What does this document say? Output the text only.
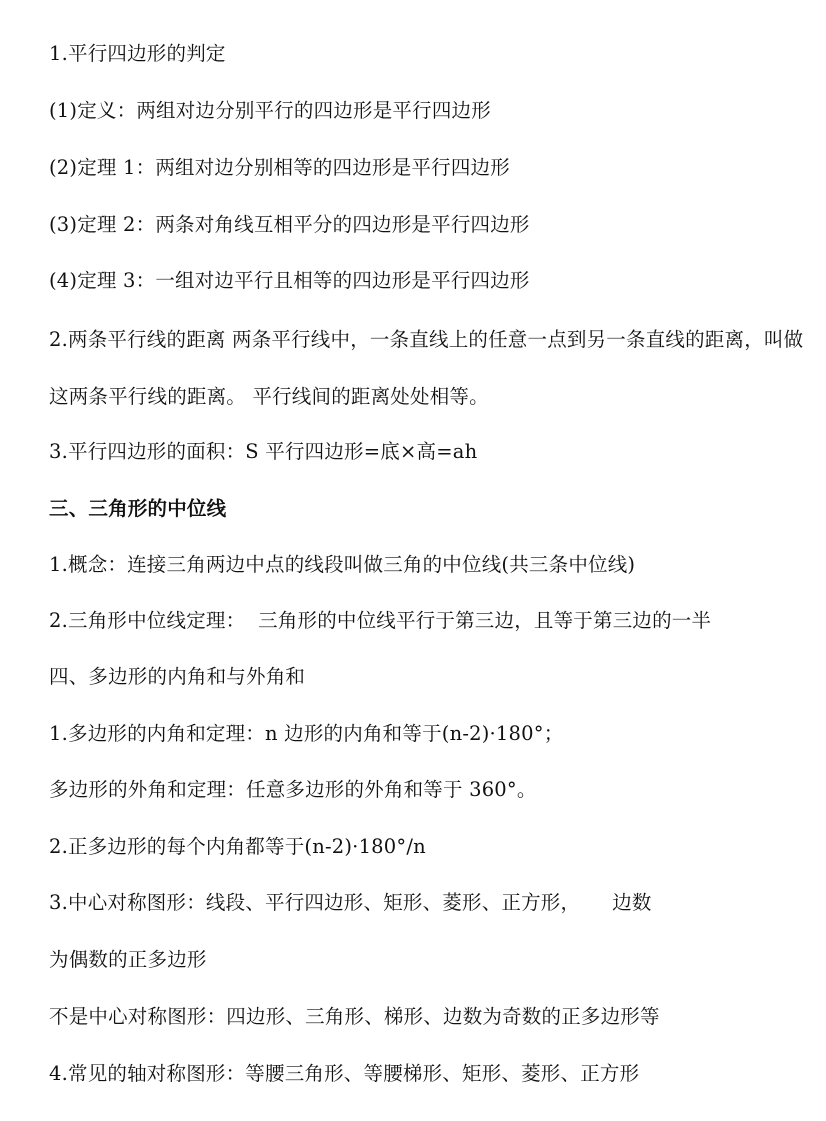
1.平行四边形的判定
(1)定义：两组对边分别平行的四边形是平行四边形
(2)定理 1：两组对边分别相等的四边形是平行四边形
(3)定理 2：两条对角线互相平分的四边形是平行四边形
(4)定理 3：一组对边平行且相等的四边形是平行四边形
2.两条平行线的距离 两条平行线中，一条直线上的任意一点到另一条直线的距离，叫做这两条平行线的距离。 平行线间的距离处处相等。
3.平行四边形的面积：S 平行四边形=底×高=ah
三、三角形的中位线
1.概念：连接三角两边中点的线段叫做三角的中位线(共三条中位线)
2.三角形中位线定理：  三角形的中位线平行于第三边，且等于第三边的一半
四、多边形的内角和与外角和
1.多边形的内角和定理：n 边形的内角和等于(n-2)·180°；
多边形的外角和定理：任意多边形的外角和等于 360°。
2.正多边形的每个内角都等于(n-2)·180°/n
3.中心对称图形：线段、平行四边形、矩形、菱形、正方形，     边数
为偶数的正多边形
不是中心对称图形：四边形、三角形、梯形、边数为奇数的正多边形等
4.常见的轴对称图形：等腰三角形、等腰梯形、矩形、菱形、正方形
